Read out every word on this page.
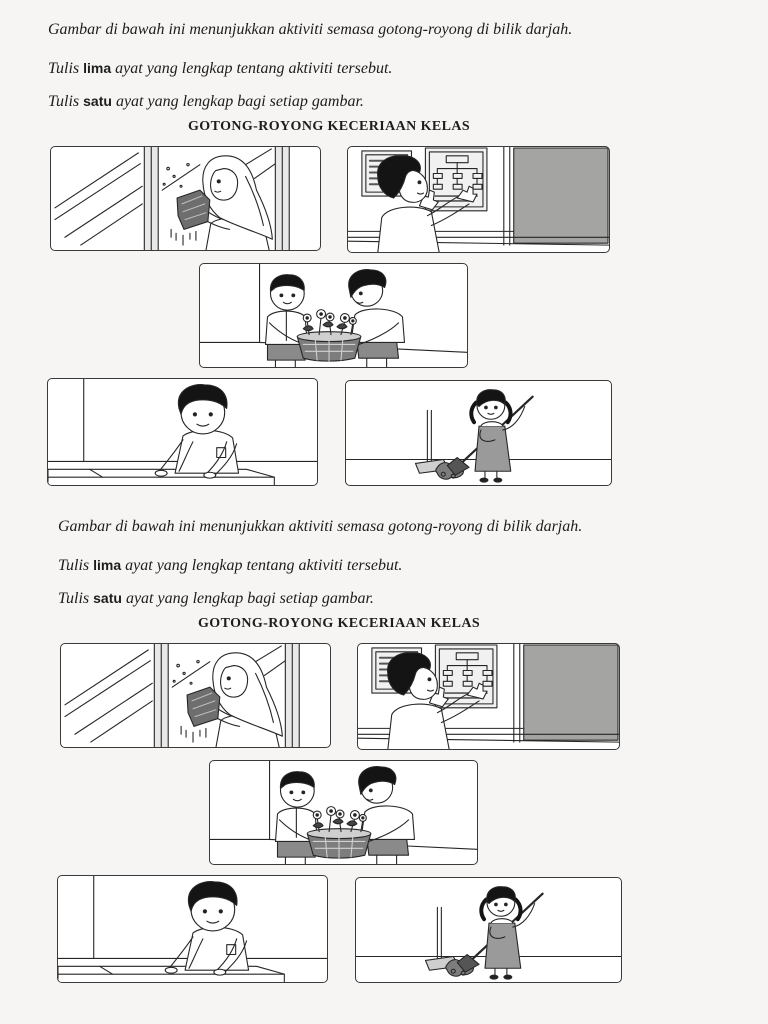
Gambar di bawah ini menunjukkan aktiviti semasa gotong-royong di bilik darjah.

Tulis lima ayat yang lengkap tentang aktiviti tersebut.

Tulis satu ayat yang lengkap bagi setiap gambar.

GOTONG-ROYONG KECERIAAN KELAS

Gambar di bawah ini menunjukkan aktiviti semasa gotong-royong di bilik darjah.

Tulis lima ayat yang lengkap tentang aktiviti tersebut.

Tulis satu ayat yang lengkap bagi setiap gambar.

GOTONG-ROYONG KECERIAAN KELAS
